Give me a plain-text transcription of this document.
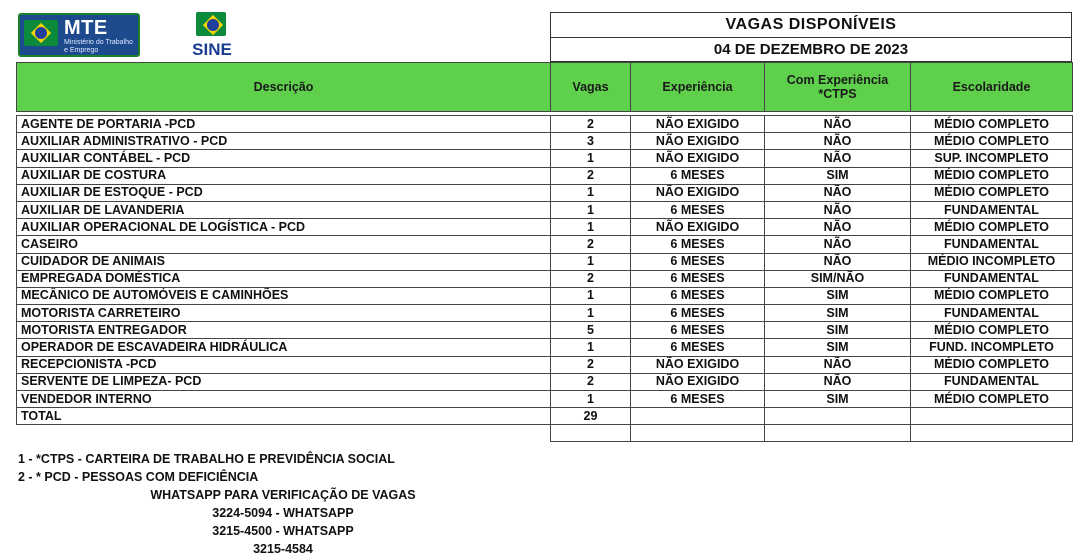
MTE
Ministério do Trabalho e Emprego	SINE
VAGAS DISPONÍVEIS
04 DE DEZEMBRO DE 2023
Descrição	Vagas	Experiência	Com Experiência *CTPS	Escolaridade

AGENTE DE PORTARIA -PCD	2	NÃO EXIGIDO	NÃO	MÉDIO COMPLETO
AUXILIAR ADMINISTRATIVO - PCD	3	NÃO EXIGIDO	NÃO	MÉDIO COMPLETO
AUXILIAR CONTÁBEL - PCD	1	NÃO EXIGIDO	NÃO	SUP. INCOMPLETO
AUXILIAR DE COSTURA	2	6 MESES	SIM	MÉDIO COMPLETO
AUXILIAR DE ESTOQUE - PCD	1	NÃO EXIGIDO	NÃO	MÉDIO COMPLETO
AUXILIAR DE LAVANDERIA	1	6 MESES	NÃO	FUNDAMENTAL
AUXILIAR OPERACIONAL DE LOGÍSTICA - PCD	1	NÃO EXIGIDO	NÃO	MÉDIO COMPLETO
CASEIRO	2	6 MESES	NÃO	FUNDAMENTAL
CUIDADOR DE ANIMAIS	1	6 MESES	NÃO	MÉDIO INCOMPLETO
EMPREGADA DOMÉSTICA	2	6 MESES	SIM/NÃO	FUNDAMENTAL
MECÂNICO DE AUTOMÓVEIS E CAMINHÕES	1	6 MESES	SIM	MÉDIO COMPLETO
MOTORISTA CARRETEIRO	1	6 MESES	SIM	FUNDAMENTAL
MOTORISTA ENTREGADOR	5	6 MESES	SIM	MÉDIO COMPLETO
OPERADOR DE ESCAVADEIRA HIDRÁULICA	1	6 MESES	SIM	FUND. INCOMPLETO
RECEPCIONISTA -PCD	2	NÃO EXIGIDO	NÃO	MÉDIO COMPLETO
SERVENTE DE LIMPEZA- PCD	2	NÃO EXIGIDO	NÃO	FUNDAMENTAL
VENDEDOR INTERNO	1	6 MESES	SIM	MÉDIO COMPLETO
TOTAL	29			

1 - *CTPS - CARTEIRA DE TRABALHO E PREVIDÊNCIA SOCIAL
2 - * PCD - PESSOAS COM DEFICIÊNCIA
WHATSAPP PARA VERIFICAÇÃO DE VAGAS
3224-5094 - WHATSAPP
3215-4500 - WHATSAPP
3215-4584
